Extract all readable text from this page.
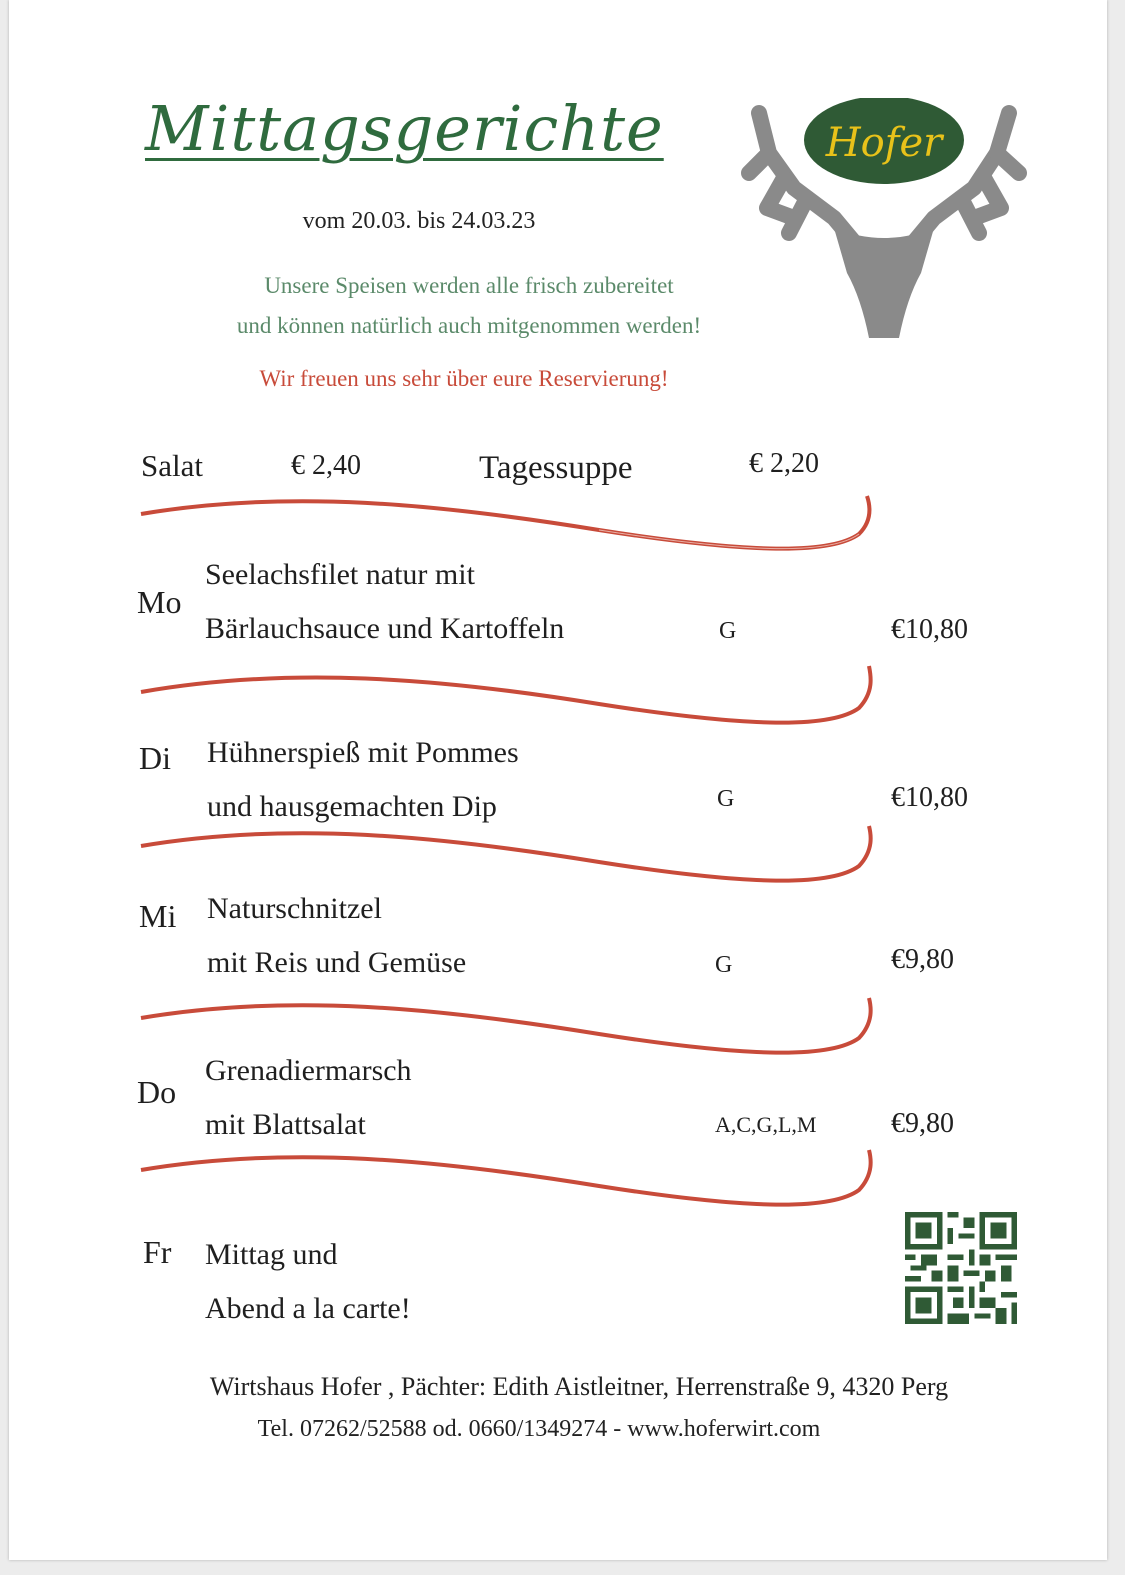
Mittagsgerichte
vom 20.03. bis 24.03.23
Unsere Speisen werden alle frisch zubereitet
und können natürlich auch mitgenommen werden!
Wir freuen uns sehr über eure Reservierung!
Hofer
Salat	€ 2,40	Tagessuppe	€ 2,20
Mo
Seelachsfilet natur mit
Bärlauchsauce und Kartoffeln	G	€10,80
Di Hühnerspieß mit Pommes
und hausgemachten Dip	G	€10,80
Mi Naturschnitzel
mit Reis und Gemüse	G	€9,80
Do
Grenadiermarsch
mit Blattsalat	A,C,G,L,M	€9,80
Fr Mittag und
Abend a la carte!
Wirtshaus Hofer , Pächter: Edith Aistleitner, Herrenstraße 9, 4320 Perg
Tel. 07262/52588 od. 0660/1349274 - www.hoferwirt.com
